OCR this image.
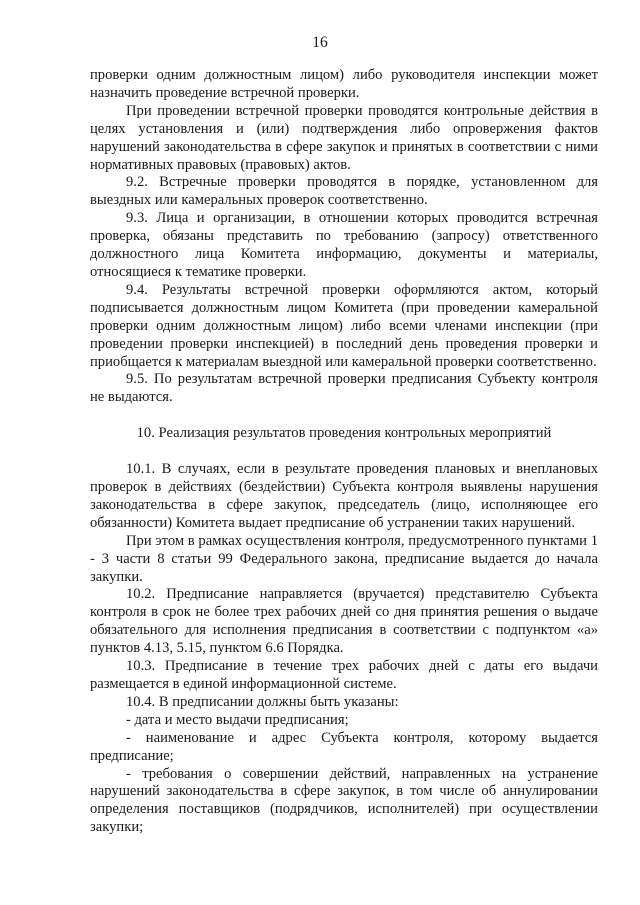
16

проверки одним должностным лицом) либо руководителя инспекции может назначить проведение встречной проверки.

При проведении встречной проверки проводятся контрольные действия в целях установления и (или) подтверждения либо опровержения фактов нарушений законодательства в сфере закупок и принятых в соответствии с ними нормативных правовых (правовых) актов.

9.2. Встречные проверки проводятся в порядке, установленном для выездных или камеральных проверок соответственно.

9.3. Лица и организации, в отношении которых проводится встречная проверка, обязаны представить по требованию (запросу) ответственного должностного лица Комитета информацию, документы и материалы, относящиеся к тематике проверки.

9.4. Результаты встречной проверки оформляются актом, который подписывается должностным лицом Комитета (при проведении камеральной проверки одним должностным лицом) либо всеми членами инспекции (при проведении проверки инспекцией) в последний день проведения проверки и приобщается к материалам выездной или камеральной проверки соответственно.

9.5. По результатам встречной проверки предписания Субъекту контроля не выдаются.

10. Реализация результатов проведения контрольных мероприятий

10.1. В случаях, если в результате проведения плановых и внеплановых проверок в действиях (бездействии) Субъекта контроля выявлены нарушения законодательства в сфере закупок, председатель (лицо, исполняющее его обязанности) Комитета выдает предписание об устранении таких нарушений.

При этом в рамках осуществления контроля, предусмотренного пунктами 1 - 3 части 8 статьи 99 Федерального закона, предписание выдается до начала закупки.

10.2. Предписание направляется (вручается) представителю Субъекта контроля в срок не более трех рабочих дней со дня принятия решения о выдаче обязательного для исполнения предписания в соответствии с подпунктом «а» пунктов 4.13, 5.15, пунктом 6.6 Порядка.

10.3. Предписание в течение трех рабочих дней с даты его выдачи размещается в единой информационной системе.

10.4. В предписании должны быть указаны:

- дата и место выдачи предписания;

- наименование и адрес Субъекта контроля, которому выдается предписание;

- требования о совершении действий, направленных на устранение нарушений законодательства в сфере закупок, в том числе об аннулировании определения поставщиков (подрядчиков, исполнителей) при осуществлении закупки;
